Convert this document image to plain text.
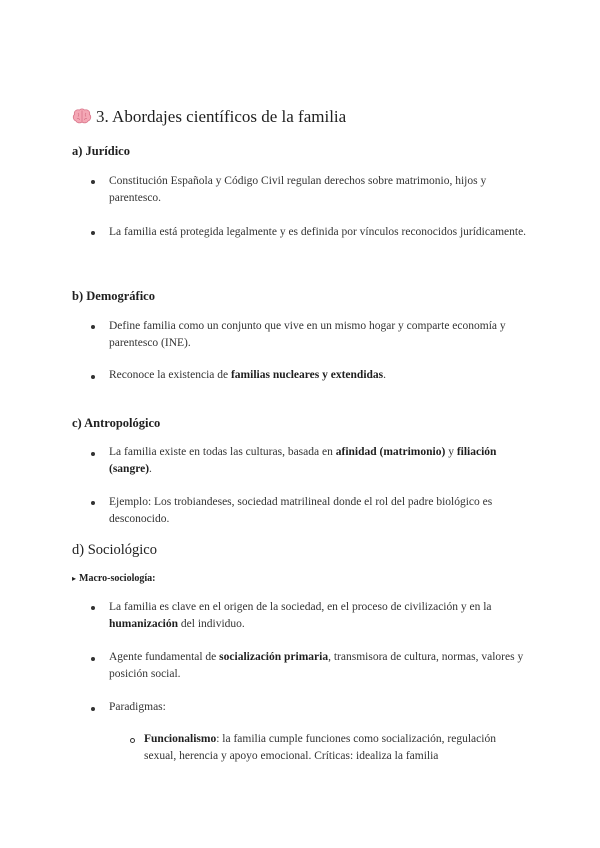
3. Abordajes científicos de la familia
a) Jurídico
Constitución Española y Código Civil regulan derechos sobre matrimonio, hijos y parentesco.
La familia está protegida legalmente y es definida por vínculos reconocidos jurídicamente.
b) Demográfico
Define familia como un conjunto que vive en un mismo hogar y comparte economía y parentesco (INE).
Reconoce la existencia de familias nucleares y extendidas.
c) Antropológico
La familia existe en todas las culturas, basada en afinidad (matrimonio) y filiación (sangre).
Ejemplo: Los trobiandeses, sociedad matrilineal donde el rol del padre biológico es desconocido.
d) Sociológico
▸ Macro-sociología:
La familia es clave en el origen de la sociedad, en el proceso de civilización y en la humanización del individuo.
Agente fundamental de socialización primaria, transmisora de cultura, normas, valores y posición social.
Paradigmas:
Funcionalismo: la familia cumple funciones como socialización, regulación sexual, herencia y apoyo emocional. Críticas: idealiza la familia
